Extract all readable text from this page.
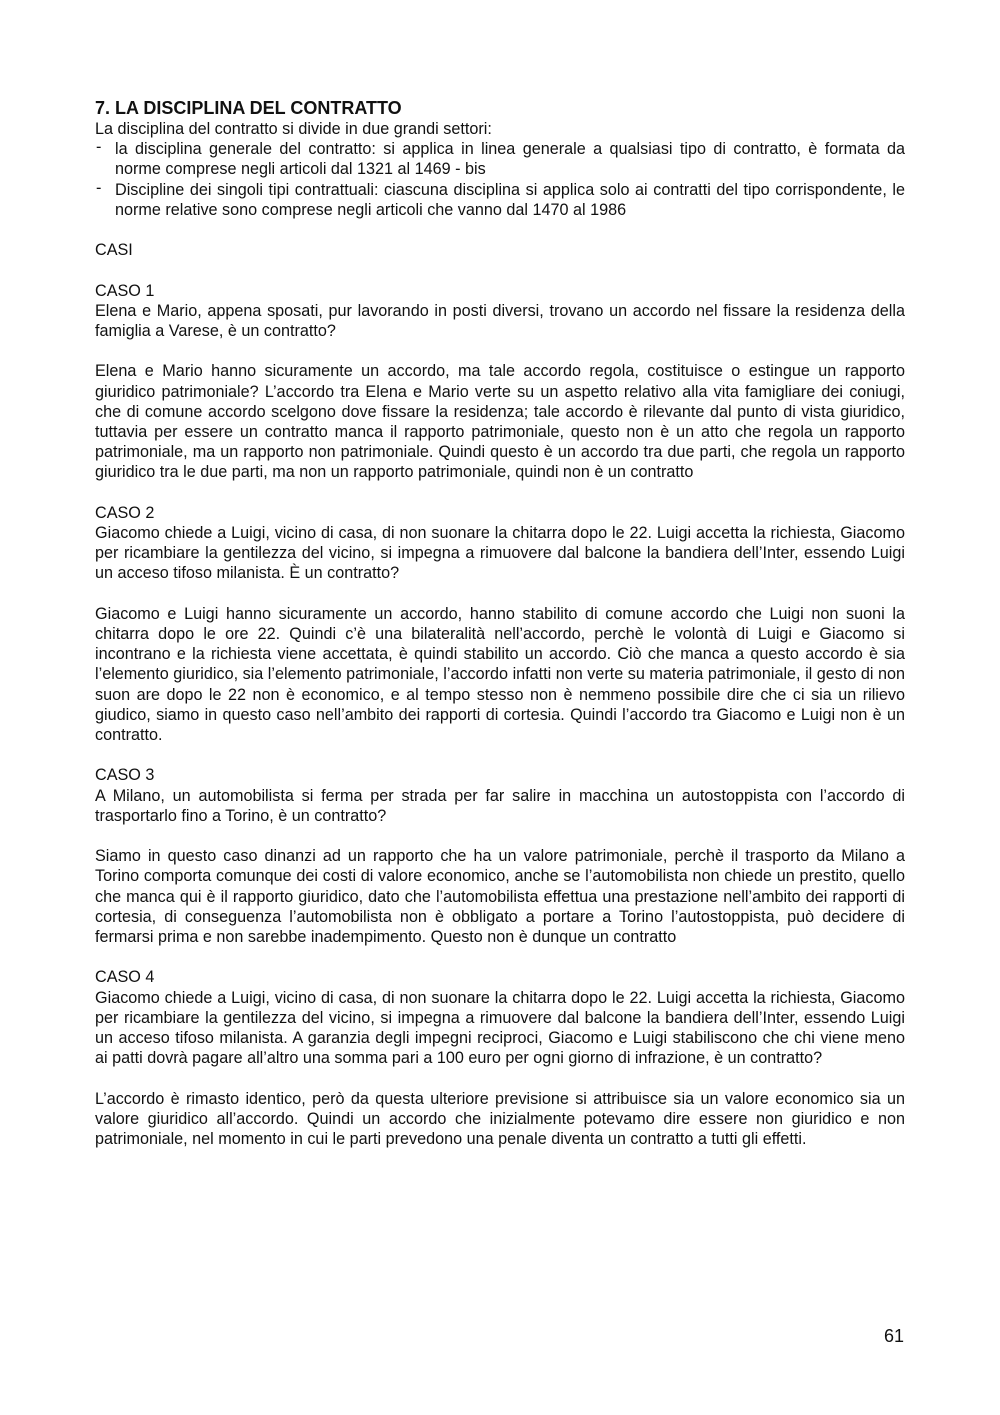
7. LA DISCIPLINA DEL CONTRATTO

La disciplina del contratto si divide in due grandi settori:

- la disciplina generale del contratto: si applica in linea generale a qualsiasi tipo di contratto, è formata da norme comprese negli articoli dal 1321 al 1469 - bis
- Discipline dei singoli tipi contrattuali: ciascuna disciplina si applica solo ai contratti del tipo corrispondente, le norme relative sono comprese negli articoli che vanno dal 1470 al 1986

CASI

CASO 1

Elena e Mario, appena sposati, pur lavorando in posti diversi, trovano un accordo nel fissare la residenza della famiglia a Varese, è un contratto?

Elena e Mario hanno sicuramente un accordo, ma tale accordo regola, costituisce o estingue un rapporto giuridico patrimoniale? L’accordo tra Elena e Mario verte su un aspetto relativo alla vita famigliare dei coniugi, che di comune accordo scelgono dove fissare la residenza; tale accordo è rilevante dal punto di vista giuridico, tuttavia per essere un contratto manca il rapporto patrimoniale, questo non è un atto che regola un rapporto patrimoniale, ma un rapporto non patrimoniale. Quindi questo è un accordo tra due parti, che regola un rapporto giuridico tra le due parti, ma non un rapporto patrimoniale, quindi non è un contratto

CASO 2

Giacomo chiede a Luigi, vicino di casa, di non suonare la chitarra dopo le 22. Luigi accetta la richiesta, Giacomo per ricambiare la gentilezza del vicino, si impegna a rimuovere dal balcone la bandiera dell’Inter, essendo Luigi un acceso tifoso milanista. È un contratto?

Giacomo e Luigi hanno sicuramente un accordo, hanno stabilito di comune accordo che Luigi non suoni la chitarra dopo le ore 22. Quindi c’è una bilateralità nell’accordo, perchè le volontà di Luigi e Giacomo si incontrano e la richiesta viene accettata, è quindi stabilito un accordo. Ciò che manca a questo accordo è sia l’elemento giuridico, sia l’elemento patrimoniale, l’accordo infatti non verte su materia patrimoniale, il gesto di non suon are dopo le 22 non è economico, e al tempo stesso non è nemmeno possibile dire che ci sia un rilievo giudico, siamo in questo caso nell’ambito dei rapporti di cortesia. Quindi l’accordo tra Giacomo e Luigi non è un contratto.

CASO 3

A Milano, un automobilista si ferma per strada per far salire in macchina un autostoppista con l’accordo di trasportarlo fino a Torino, è un contratto?

Siamo in questo caso dinanzi ad un rapporto che ha un valore patrimoniale, perchè il trasporto da Milano a Torino comporta comunque dei costi di valore economico, anche se l’automobilista non chiede un prestito, quello che manca qui è il rapporto giuridico, dato che l’automobilista effettua una prestazione nell’ambito dei rapporti di cortesia, di conseguenza l’automobilista non è obbligato a portare a Torino l’autostoppista, può decidere di fermarsi prima e non sarebbe inadempimento. Questo non è dunque un contratto

CASO 4

Giacomo chiede a Luigi, vicino di casa, di non suonare la chitarra dopo le 22. Luigi accetta la richiesta, Giacomo per ricambiare la gentilezza del vicino, si impegna a rimuovere dal balcone la bandiera dell’Inter, essendo Luigi un acceso tifoso milanista. A garanzia degli impegni reciproci, Giacomo e Luigi stabiliscono che chi viene meno ai patti dovrà pagare all’altro una somma pari a 100 euro per ogni giorno di infrazione, è un contratto?

L’accordo è rimasto identico, però da questa ulteriore previsione si attribuisce sia un valore economico sia un valore giuridico all’accordo. Quindi un accordo che inizialmente potevamo dire essere non giuridico e non patrimoniale, nel momento in cui le parti prevedono una penale diventa un contratto a tutti gli effetti.

61
